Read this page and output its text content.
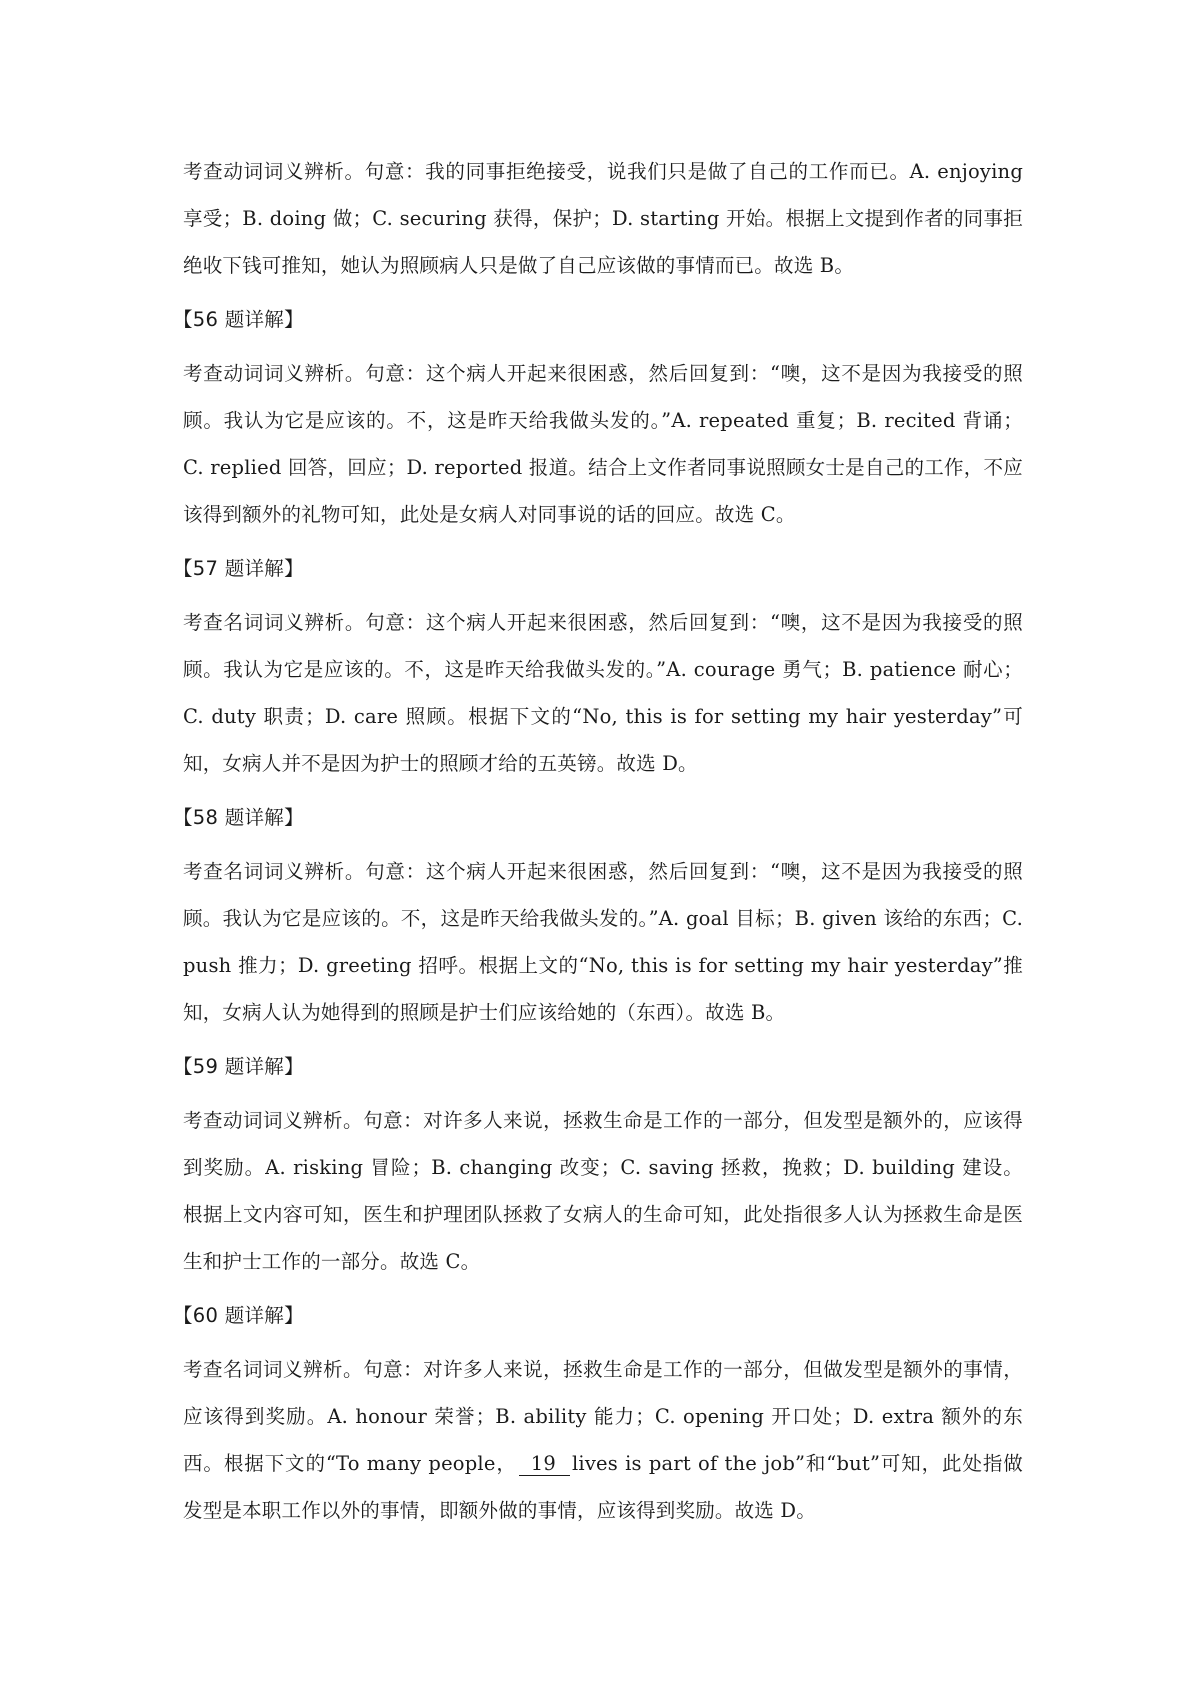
考查动词词义辨析。句意：我的同事拒绝接受，说我们只是做了自己的工作而已。A. enjoying 享受；B. doing 做；C. securing 获得，保护；D. starting 开始。根据上文提到作者的同事拒绝收下钱可推知，她认为照顾病人只是做了自己应该做的事情而已。故选 B。

【56 题详解】

考查动词词义辨析。句意：这个病人开起来很困惑，然后回复到：“噢，这不是因为我接受的照顾。我认为它是应该的。不，这是昨天给我做头发的。”A. repeated 重复；B. recited 背诵；C. replied 回答，回应；D. reported 报道。结合上文作者同事说照顾女士是自己的工作，不应该得到额外的礼物可知，此处是女病人对同事说的话的回应。故选 C。

【57 题详解】

考查名词词义辨析。句意：这个病人开起来很困惑，然后回复到：“噢，这不是因为我接受的照顾。我认为它是应该的。不，这是昨天给我做头发的。”A. courage 勇气；B. patience 耐心；C. duty 职责；D. care 照顾。根据下文的“No, this is for setting my hair yesterday”可知，女病人并不是因为护士的照顾才给的五英镑。故选 D。

【58 题详解】

考查名词词义辨析。句意：这个病人开起来很困惑，然后回复到：“噢，这不是因为我接受的照顾。我认为它是应该的。不，这是昨天给我做头发的。”A. goal 目标；B. given 该给的东西；C. push 推力；D. greeting 招呼。根据上文的“No, this is for setting my hair yesterday”推知，女病人认为她得到的照顾是护士们应该给她的（东西）。故选 B。

【59 题详解】

考查动词词义辨析。句意：对许多人来说，拯救生命是工作的一部分，但发型是额外的，应该得到奖励。A. risking 冒险；B. changing 改变；C. saving 拯救，挽救；D. building 建设。根据上文内容可知，医生和护理团队拯救了女病人的生命可知，此处指很多人认为拯救生命是医生和护士工作的一部分。故选 C。

【60 题详解】

考查名词词义辨析。句意：对许多人来说，拯救生命是工作的一部分，但做发型是额外的事情，应该得到奖励。A. honour 荣誉；B. ability 能力；C. opening 开口处；D. extra 额外的东西。根据下文的“To many people， 19 lives is part of the job”和“but”可知，此处指做发型是本职工作以外的事情，即额外做的事情，应该得到奖励。故选 D。
